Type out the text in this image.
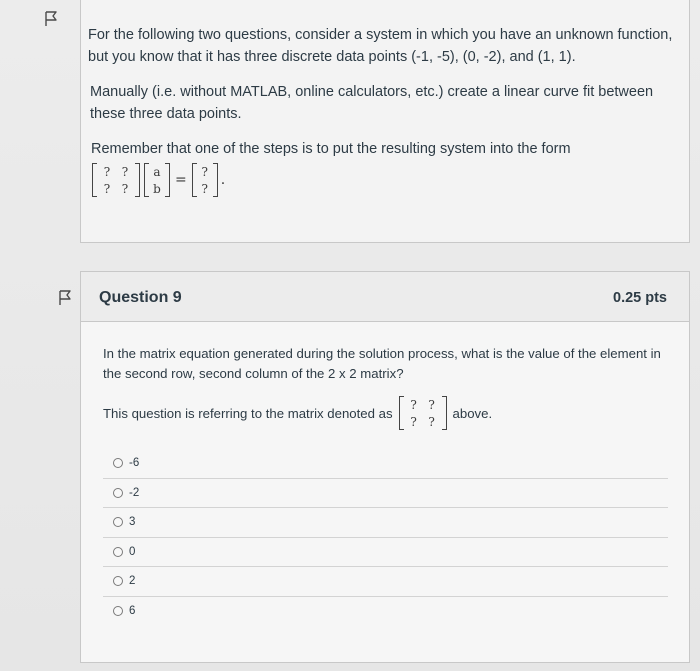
For the following two questions, consider a system in which you have an unknown function, but you know that it has three discrete data points (-1, -5), (0, -2), and (1, 1).

Manually (i.e. without MATLAB, online calculators, etc.) create a linear curve fit between these three data points.

Remember that one of the steps is to put the resulting system into the form

? ?
? ?
a
b
=
?
?
.
Question 9	0.25 pts

In the matrix equation generated during the solution process, what is the value of the element in the second row, second column of the 2 x 2 matrix?

This question is referring to the matrix denoted as
? ?
? ?
above.
-6
-2
3
0
2
6
